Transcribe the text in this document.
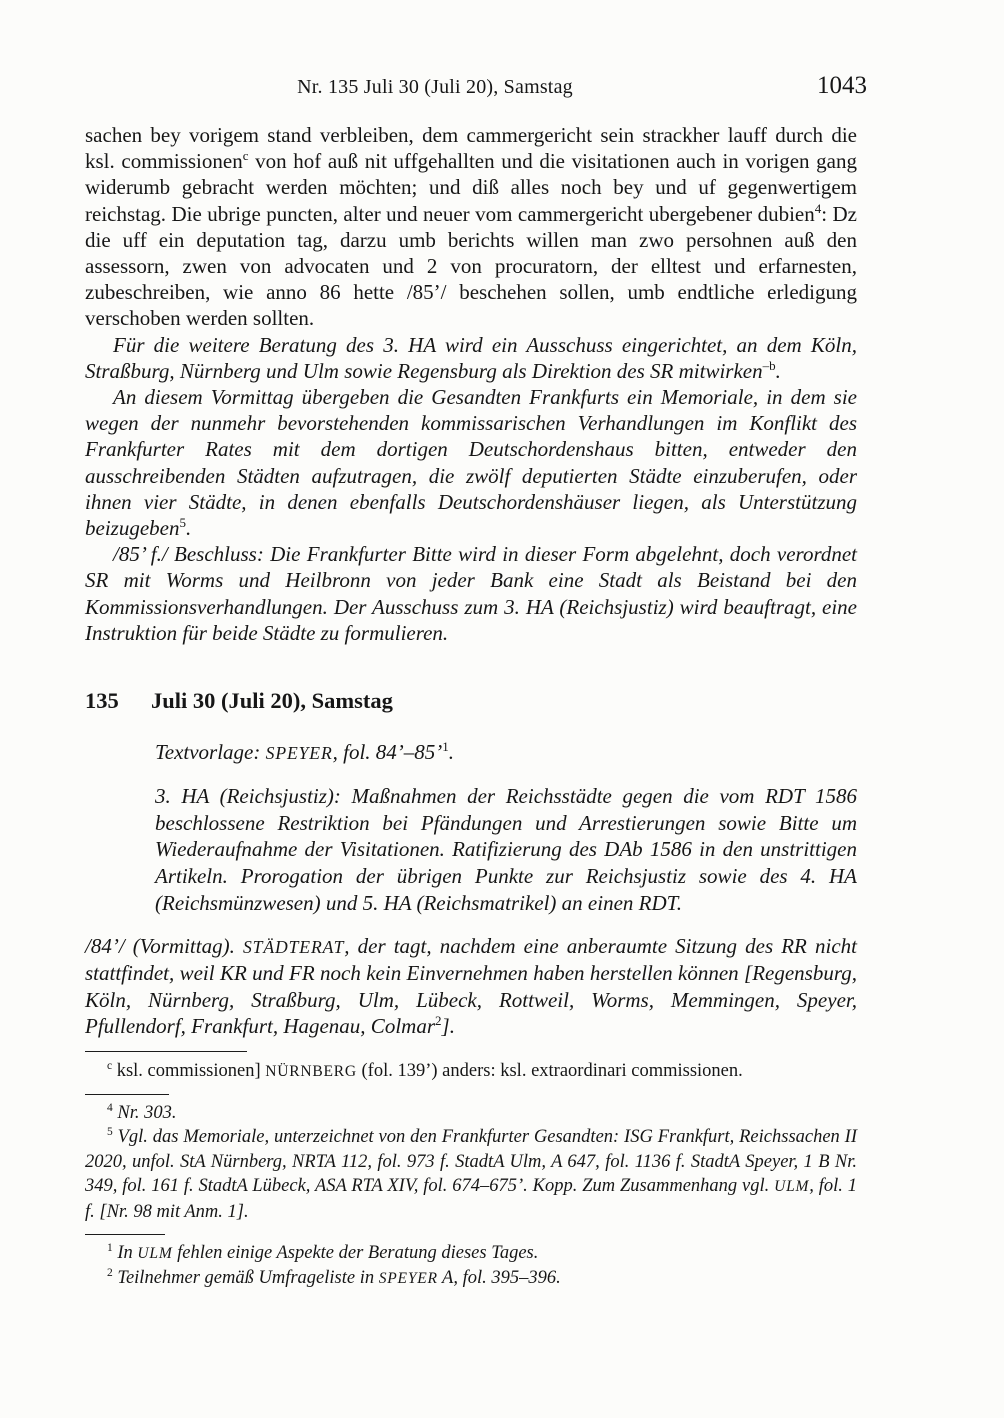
Nr. 135 Juli 30 (Juli 20), Samstag	1043

sachen bey vorigem stand verbleiben, dem cammergericht sein strackher lauff durch die ksl. commissionen$^c$ von hof auß nit uffgehallten und die visitationen auch in vorigen gang widerumb gebracht werden möchten; und diß alles noch bey und uf gegenwertigem reichstag. Die ubrige puncten, alter und neuer vom cammergericht ubergebener dubien$^4$: Dz die uff ein deputation tag, darzu umb berichts willen man zwo persohnen auß den assessorn, zwen von advocaten und 2 von procuratorn, der elltest und erfarnesten, zubeschreiben, wie anno 86 hette /85’/ beschehen sollen, umb endtliche erledigung verschoben werden sollten.

Für die weitere Beratung des 3. HA wird ein Ausschuss eingerichtet, an dem Köln, Straßburg, Nürnberg und Ulm sowie Regensburg als Direktion des SR mitwirken$^{-b}$.

An diesem Vormittag übergeben die Gesandten Frankfurts ein Memoriale, in dem sie wegen der nunmehr bevorstehenden kommissarischen Verhandlungen im Konflikt des Frankfurter Rates mit dem dortigen Deutschordenshaus bitten, entweder den ausschreibenden Städten aufzutragen, die zwölf deputierten Städte einzuberufen, oder ihnen vier Städte, in denen ebenfalls Deutschordenshäuser liegen, als Unterstützung beizugeben$^5$.

/85’ f./ Beschluss: Die Frankfurter Bitte wird in dieser Form abgelehnt, doch verordnet SR mit Worms und Heilbronn von jeder Bank eine Stadt als Beistand bei den Kommissionsverhandlungen. Der Ausschuss zum 3. HA (Reichsjustiz) wird beauftragt, eine Instruktion für beide Städte zu formulieren.

135 Juli 30 (Juli 20), Samstag

Textvorlage: SPEYER, fol. 84’–85’$^1$.

3. HA (Reichsjustiz): Maßnahmen der Reichsstädte gegen die vom RDT 1586 beschlossene Restriktion bei Pfändungen und Arrestierungen sowie Bitte um Wiederaufnahme der Visitationen. Ratifizierung des DAb 1586 in den unstrittigen Artikeln. Prorogation der übrigen Punkte zur Reichsjustiz sowie des 4. HA (Reichsmünzwesen) und 5. HA (Reichsmatrikel) an einen RDT.

/84’/ (Vormittag). STÄDTERAT, der tagt, nachdem eine anberaumte Sitzung des RR nicht stattfindet, weil KR und FR noch kein Einvernehmen haben herstellen können [Regensburg, Köln, Nürnberg, Straßburg, Ulm, Lübeck, Rottweil, Worms, Memmingen, Speyer, Pfullendorf, Frankfurt, Hagenau, Colmar$^2$].

$^c$ ksl. commissionen] NÜRNBERG (fol. 139’) anders: ksl. extraordinari commissionen.

$^4$ Nr. 303.

$^5$ Vgl. das Memoriale, unterzeichnet von den Frankfurter Gesandten: ISG Frankfurt, Reichssachen II 2020, unfol. StA Nürnberg, NRTA 112, fol. 973 f. StadtA Ulm, A 647, fol. 1136 f. StadtA Speyer, 1 B Nr. 349, fol. 161 f. StadtA Lübeck, ASA RTA XIV, fol. 674–675’. Kopp. Zum Zusammenhang vgl. ULM, fol. 1 f. [Nr. 98 mit Anm. 1].

$^1$ In ULM fehlen einige Aspekte der Beratung dieses Tages.

$^2$ Teilnehmer gemäß Umfrageliste in SPEYER A, fol. 395–396.
